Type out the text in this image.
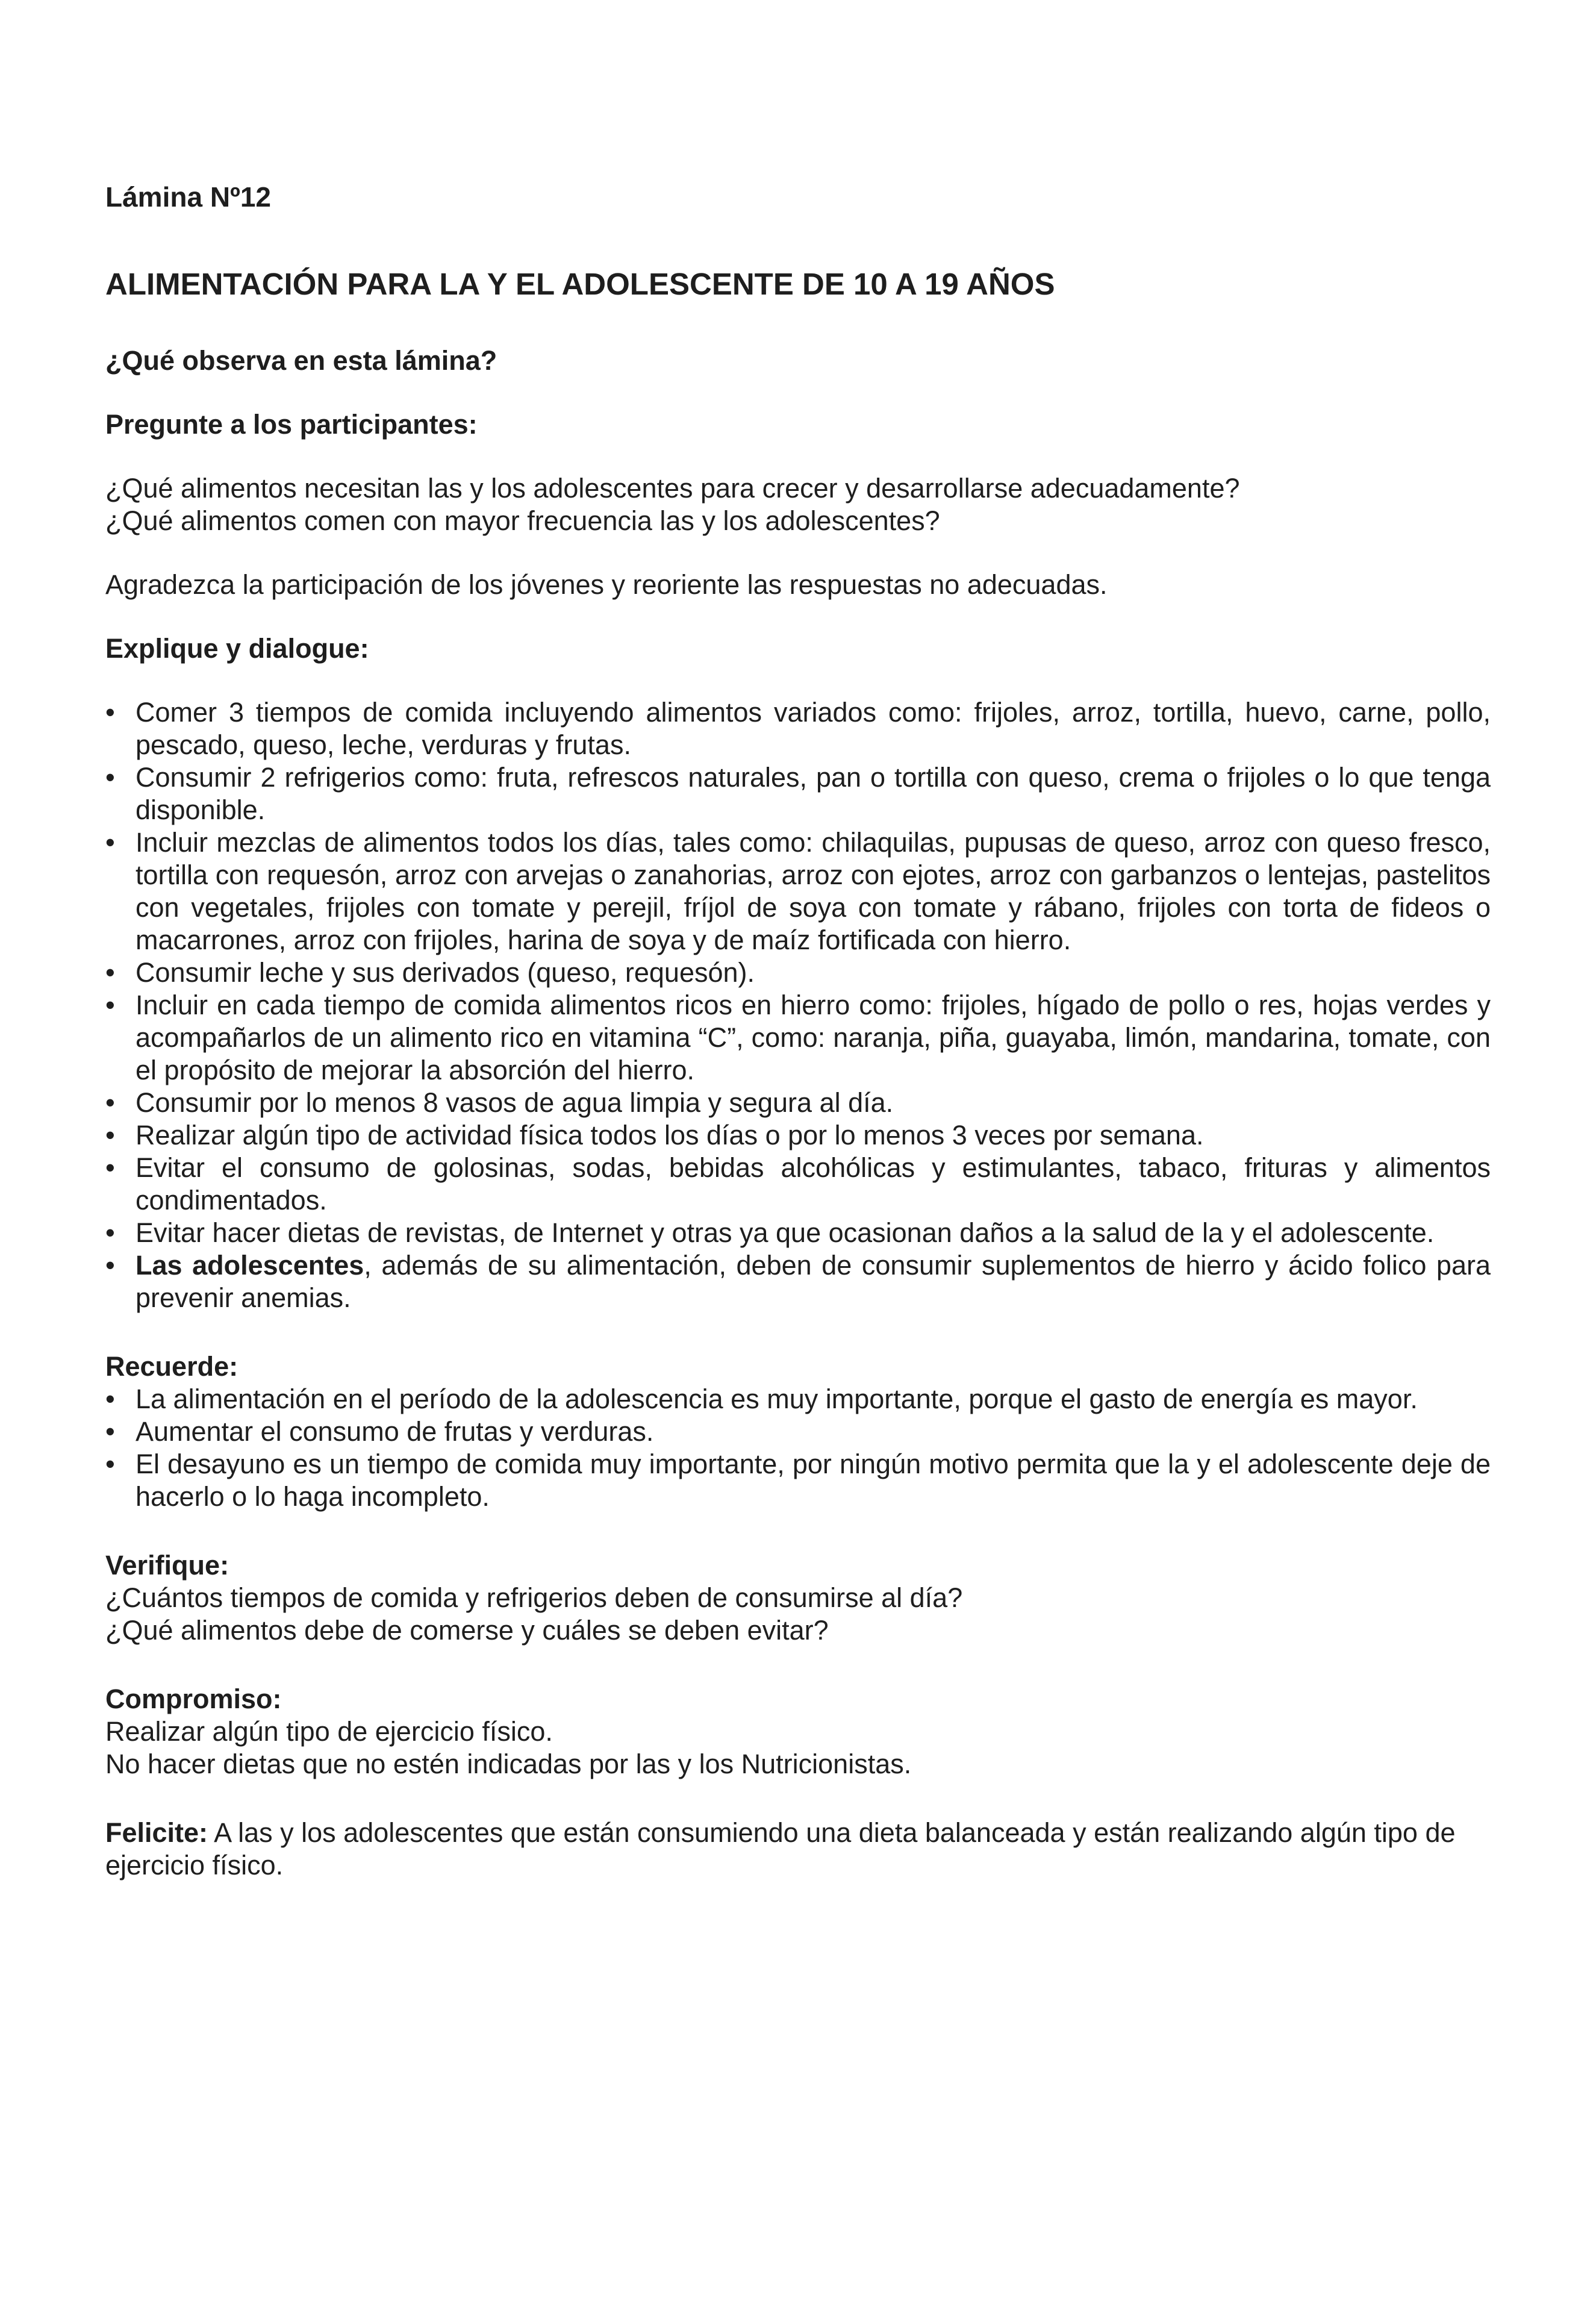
Lámina Nº12

ALIMENTACIÓN PARA LA Y EL ADOLESCENTE DE 10 A 19 AÑOS

¿Qué observa en esta lámina?

Pregunte a los participantes:

¿Qué alimentos necesitan las y los adolescentes para crecer y desarrollarse adecuadamente?

¿Qué alimentos comen con mayor frecuencia las y los adolescentes?

Agradezca la participación de los jóvenes y reoriente las respuestas no adecuadas.

Explique y dialogue:

• Comer 3 tiempos de comida incluyendo alimentos variados como: frijoles, arroz, tortilla, huevo, carne, pollo, pescado, queso, leche, verduras y frutas.
• Consumir 2 refrigerios como: fruta, refrescos naturales, pan o tortilla con queso, crema o frijoles o lo que tenga disponible.
• Incluir mezclas de alimentos todos los días, tales como: chilaquilas, pupusas de queso, arroz con queso fresco, tortilla con requesón, arroz con arvejas o zanahorias, arroz con ejotes, arroz con garbanzos o lentejas, pastelitos con vegetales, frijoles con tomate y perejil, fríjol de soya con tomate y rábano, frijoles con torta de fideos o macarrones, arroz con frijoles, harina de soya y de maíz fortificada con hierro.
• Consumir leche y sus derivados (queso, requesón).
• Incluir en cada tiempo de comida alimentos ricos en hierro como: frijoles, hígado de pollo o res, hojas verdes y acompañarlos de un alimento rico en vitamina “C”, como: naranja, piña, guayaba, limón, mandarina, tomate, con el propósito de mejorar la absorción del hierro.
• Consumir por lo menos 8 vasos de agua limpia y segura al día.
• Realizar algún tipo de actividad física todos los días o por lo menos 3 veces por semana.
• Evitar el consumo de golosinas, sodas, bebidas alcohólicas y estimulantes, tabaco, frituras y alimentos condimentados.
• Evitar hacer dietas de revistas, de Internet y otras ya que ocasionan daños a la salud de la y el adolescente.
• Las adolescentes, además de su alimentación, deben de consumir suplementos de hierro y ácido folico para prevenir anemias.

Recuerde:

• La alimentación en el período de la adolescencia es muy importante, porque el gasto de energía es mayor.
• Aumentar el consumo de frutas y verduras.
• El desayuno es un tiempo de comida muy importante, por ningún motivo permita que la y el adolescente deje de hacerlo o lo haga incompleto.

Verifique:

¿Cuántos tiempos de comida y refrigerios deben de consumirse al día?

¿Qué alimentos debe de comerse y cuáles se deben evitar?

Compromiso:

Realizar algún tipo de ejercicio físico.

No hacer dietas que no estén indicadas por las y los Nutricionistas.

Felicite: A las y los adolescentes que están consumiendo una dieta balanceada y están realizando algún tipo de ejercicio físico.
